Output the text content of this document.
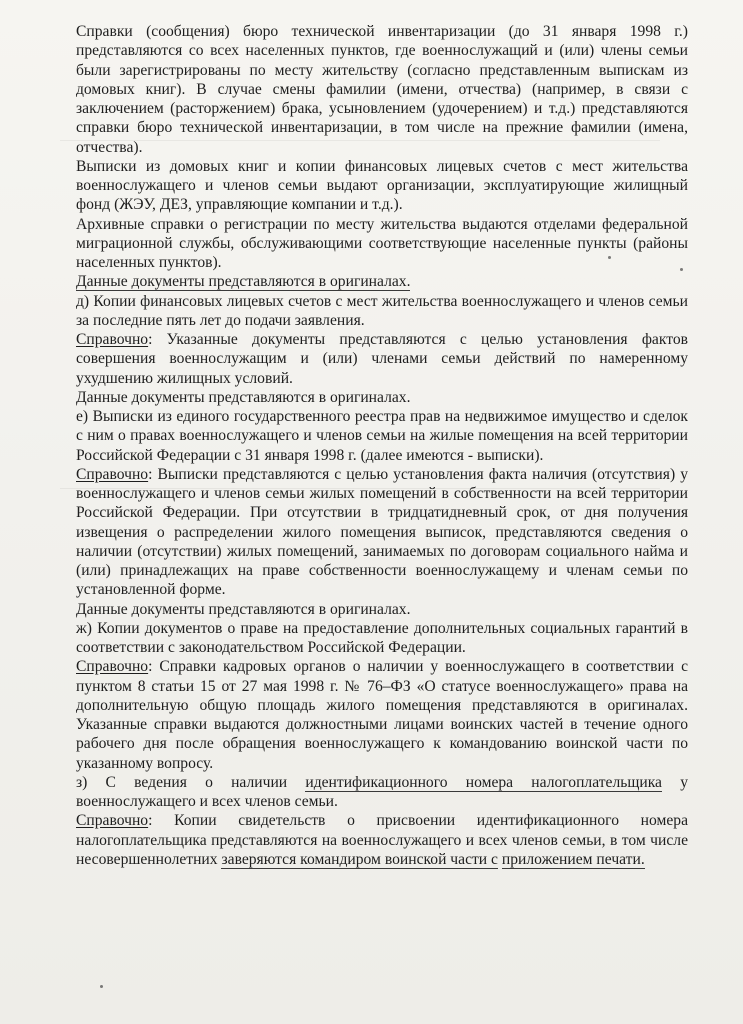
Справки (сообщения) бюро технической инвентаризации (до 31 января 1998 г.) представляются со всех населенных пунктов, где военнослужащий и (или) члены семьи были зарегистрированы по месту жительству (согласно представленным выпискам из домовых книг). В случае смены фамилии (имени, отчества) (например, в связи с заключением (расторжением) брака, усыновлением (удочерением) и т.д.) представляются справки бюро технической инвентаризации, в том числе на прежние фамилии (имена, отчества).

Выписки из домовых книг и копии финансовых лицевых счетов с мест жительства военнослужащего и членов семьи выдают организации, эксплуатирующие жилищный фонд (ЖЭУ, ДЕЗ, управляющие компании и т.д.).

Архивные справки о регистрации по месту жительства выдаются отделами федеральной миграционной службы, обслуживающими соответствующие населенные пункты (районы населенных пунктов).

Данные документы представляются в оригиналах.

д) Копии финансовых лицевых счетов с мест жительства военнослужащего и членов семьи за последние пять лет до подачи заявления.

Справочно: Указанные документы представляются с целью установления фактов совершения военнослужащим и (или) членами семьи действий по намеренному ухудшению жилищных условий.

Данные документы представляются в оригиналах.

е) Выписки из единого государственного реестра прав на недвижимое имущество и сделок с ним о правах военнослужащего и членов семьи на жилые помещения на всей территории Российской Федерации с 31 января 1998 г. (далее имеются - выписки).

Справочно: Выписки представляются с целью установления факта наличия (отсутствия) у военнослужащего и членов семьи жилых помещений в собственности на всей территории Российской Федерации. При отсутствии в тридцатидневный срок, от дня получения извещения о распределении жилого помещения выписок, представляются сведения о наличии (отсутствии) жилых помещений, занимаемых по договорам социального найма и (или) принадлежащих на праве собственности военнослужащему и членам семьи по установленной форме.

Данные документы представляются в оригиналах.

ж) Копии документов о праве на предоставление дополнительных социальных гарантий в соответствии с законодательством Российской Федерации.

Справочно: Справки кадровых органов о наличии у военнослужащего в соответствии с пунктом 8 статьи 15 от 27 мая 1998 г. № 76–ФЗ «О статусе военнослужащего» права на дополнительную общую площадь жилого помещения представляются в оригиналах. Указанные справки выдаются должностными лицами воинских частей в течение одного рабочего дня после обращения военнослужащего к командованию воинской части по указанному вопросу.

з) С ведения о наличии идентификационного номера налогоплательщика у военнослужащего и всех членов семьи.

Справочно: Копии свидетельств о присвоении идентификационного номера налогоплательщика представляются на военнослужащего и всех членов семьи, в том числе несовершеннолетних заверяются командиром воинской части с приложением печати.
